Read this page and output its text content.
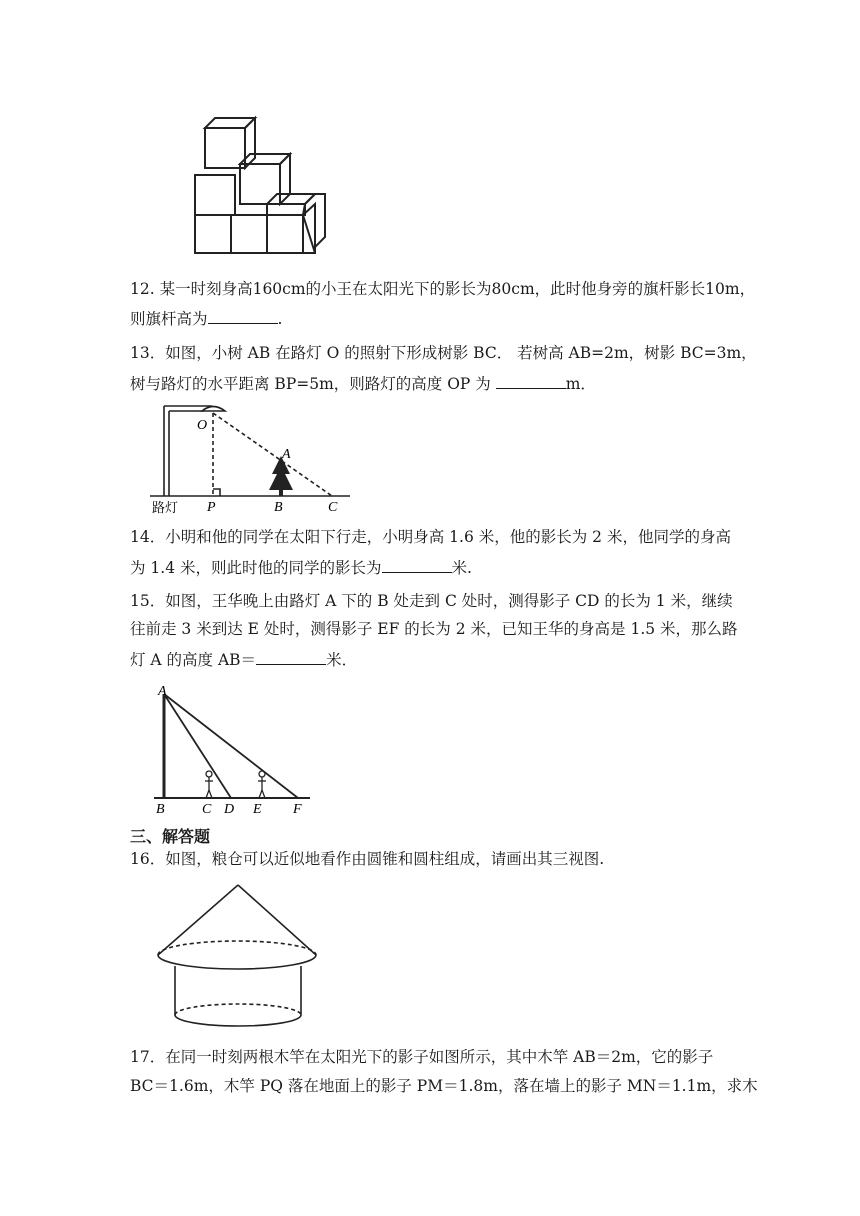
12. 某一时刻身高160cm的小王在太阳光下的影长为80cm，此时他身旁的旗杆影长10m，
则旗杆高为	.
13．如图，小树 AB 在路灯 O 的照射下形成树影 BC． 若树高 AB=2m，树影 BC=3m，
树与路灯的水平距离 BP=5m，则路灯的高度 OP 为	m．
O
A
P	B	C
路灯
14．小明和他的同学在太阳下行走，小明身高 1.6 米，他的影长为 2 米，他同学的身高
为 1.4 米，则此时他的同学的影长为	米.
15．如图，王华晚上由路灯 A 下的 B 处走到 C 处时，测得影子 CD 的长为 1 米，继续
往前走 3 米到达 E 处时，测得影子 EF 的长为 2 米，已知王华的身高是 1.5 米，那么路
灯 A 的高度 AB＝	米．
A
B	C D E F
三、解答题
16．如图，粮仓可以近似地看作由圆锥和圆柱组成，请画出其三视图.
17．在同一时刻两根木竿在太阳光下的影子如图所示，其中木竿 AB＝2m，它的影子
BC＝1.6m，木竿 PQ 落在地面上的影子 PM＝1.8m，落在墙上的影子 MN＝1.1m，求木
